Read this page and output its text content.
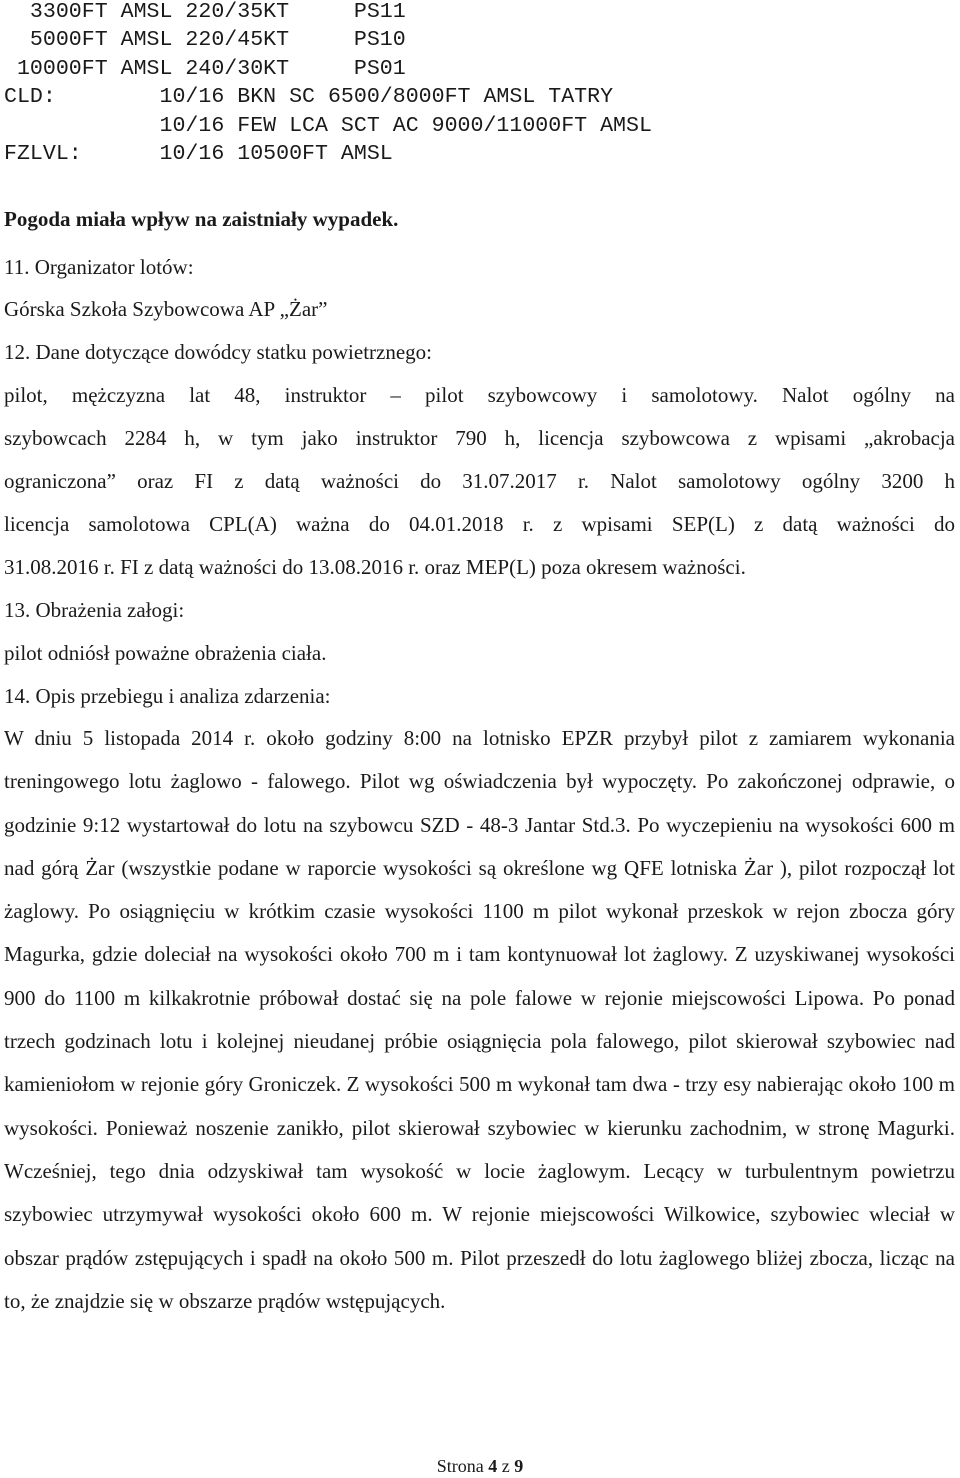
3300FT AMSL 220/35KT     PS11
5000FT AMSL 220/45KT     PS10
10000FT AMSL 240/30KT     PS01
CLD:        10/16 BKN SC 6500/8000FT AMSL TATRY
10/16 FEW LCA SCT AC 9000/11000FT AMSL
FZLVL:      10/16 10500FT AMSL
Pogoda miała wpływ na zaistniały wypadek.
11. Organizator lotów:
Górska Szkoła Szybowcowa AP „Żar”
12. Dane dotyczące dowódcy statku powietrznego:
pilot, mężczyzna lat 48, instruktor – pilot szybowcowy i samolotowy. Nalot ogólny na
szybowcach 2284 h, w tym jako instruktor 790 h, licencja szybowcowa z wpisami „akrobacja
ograniczona” oraz FI z datą ważności do 31.07.2017 r. Nalot samolotowy ogólny 3200 h
licencja samolotowa CPL(A) ważna do 04.01.2018 r. z wpisami SEP(L) z datą ważności do
31.08.2016 r. FI z datą ważności do 13.08.2016 r. oraz MEP(L) poza okresem ważności.
13. Obrażenia załogi:
pilot odniósł poważne obrażenia ciała.
14. Opis przebiegu i analiza zdarzenia:

W dniu 5 listopada 2014 r. około godziny 8:00 na lotnisko EPZR przybył pilot z zamiarem wykonania treningowego lotu żaglowo - falowego. Pilot wg oświadczenia był wypoczęty. Po zakończonej odprawie, o godzinie 9:12 wystartował do lotu na szybowcu SZD - 48-3 Jantar Std.3. Po wyczepieniu na wysokości 600 m nad górą Żar (wszystkie podane w raporcie wysokości są określone wg QFE lotniska Żar ), pilot rozpoczął lot żaglowy. Po osiągnięciu w krótkim czasie wysokości 1100 m pilot wykonał przeskok w rejon zbocza góry Magurka, gdzie doleciał na wysokości około 700 m i tam kontynuował lot żaglowy. Z uzyskiwanej wysokości 900 do 1100 m kilkakrotnie próbował dostać się na pole falowe w rejonie miejscowości Lipowa. Po ponad trzech godzinach lotu i kolejnej nieudanej próbie osiągnięcia pola falowego, pilot skierował szybowiec nad kamieniołom w rejonie góry Groniczek. Z wysokości 500 m wykonał tam dwa - trzy esy nabierając około 100 m wysokości. Ponieważ noszenie zanikło, pilot skierował szybowiec w kierunku zachodnim, w stronę Magurki. Wcześniej, tego dnia odzyskiwał tam wysokość w locie żaglowym. Lecący w turbulentnym powietrzu szybowiec utrzymywał wysokości około 600 m. W rejonie miejscowości Wilkowice, szybowiec wleciał w obszar prądów zstępujących i spadł na około 500 m. Pilot przeszedł do lotu żaglowego bliżej zbocza, licząc na to, że znajdzie się w obszarze prądów wstępujących.

Strona 4 z 9
